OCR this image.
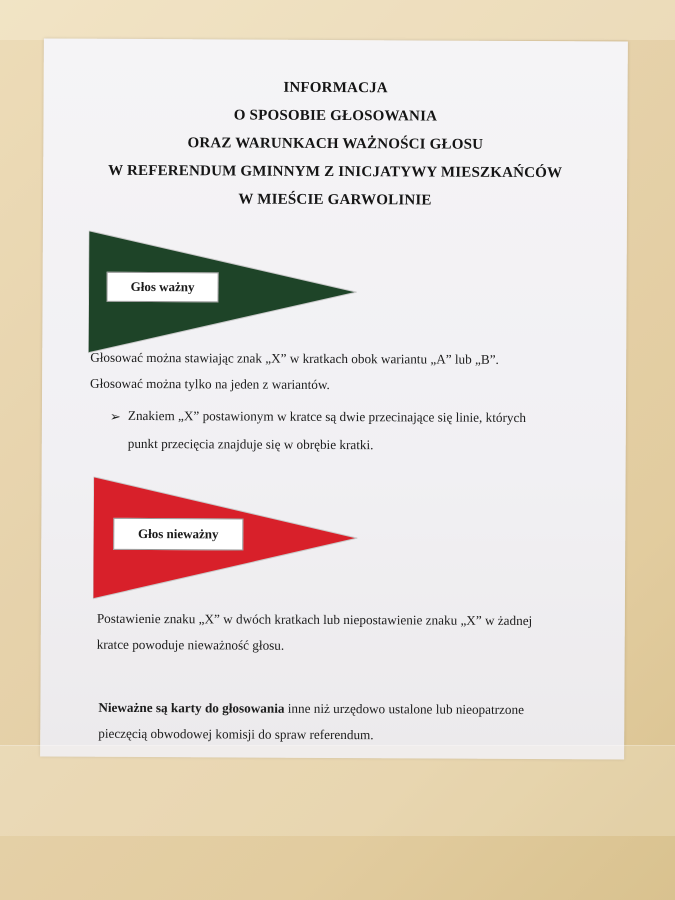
INFORMACJA
O SPOSOBIE GŁOSOWANIA
ORAZ WARUNKACH WAŻNOŚCI GŁOSU
W REFERENDUM GMINNYM Z INICJATYWY MIESZKAŃCÓW
W MIEŚCIE GARWOLINIE
Głos ważny
Głosować można stawiając znak „X” w kratkach obok wariantu „A” lub „B”.
Głosować można tylko na jeden z wariantów.
➢ Znakiem „X” postawionym w kratce są dwie przecinające się linie, których
punkt przecięcia znajduje się w obrębie kratki.
Głos nieważny
Postawienie znaku „X” w dwóch kratkach lub niepostawienie znaku „X” w żadnej
kratce powoduje nieważność głosu.
Nieważne są karty do głosowania inne niż urzędowo ustalone lub nieopatrzone
pieczęcią obwodowej komisji do spraw referendum.
